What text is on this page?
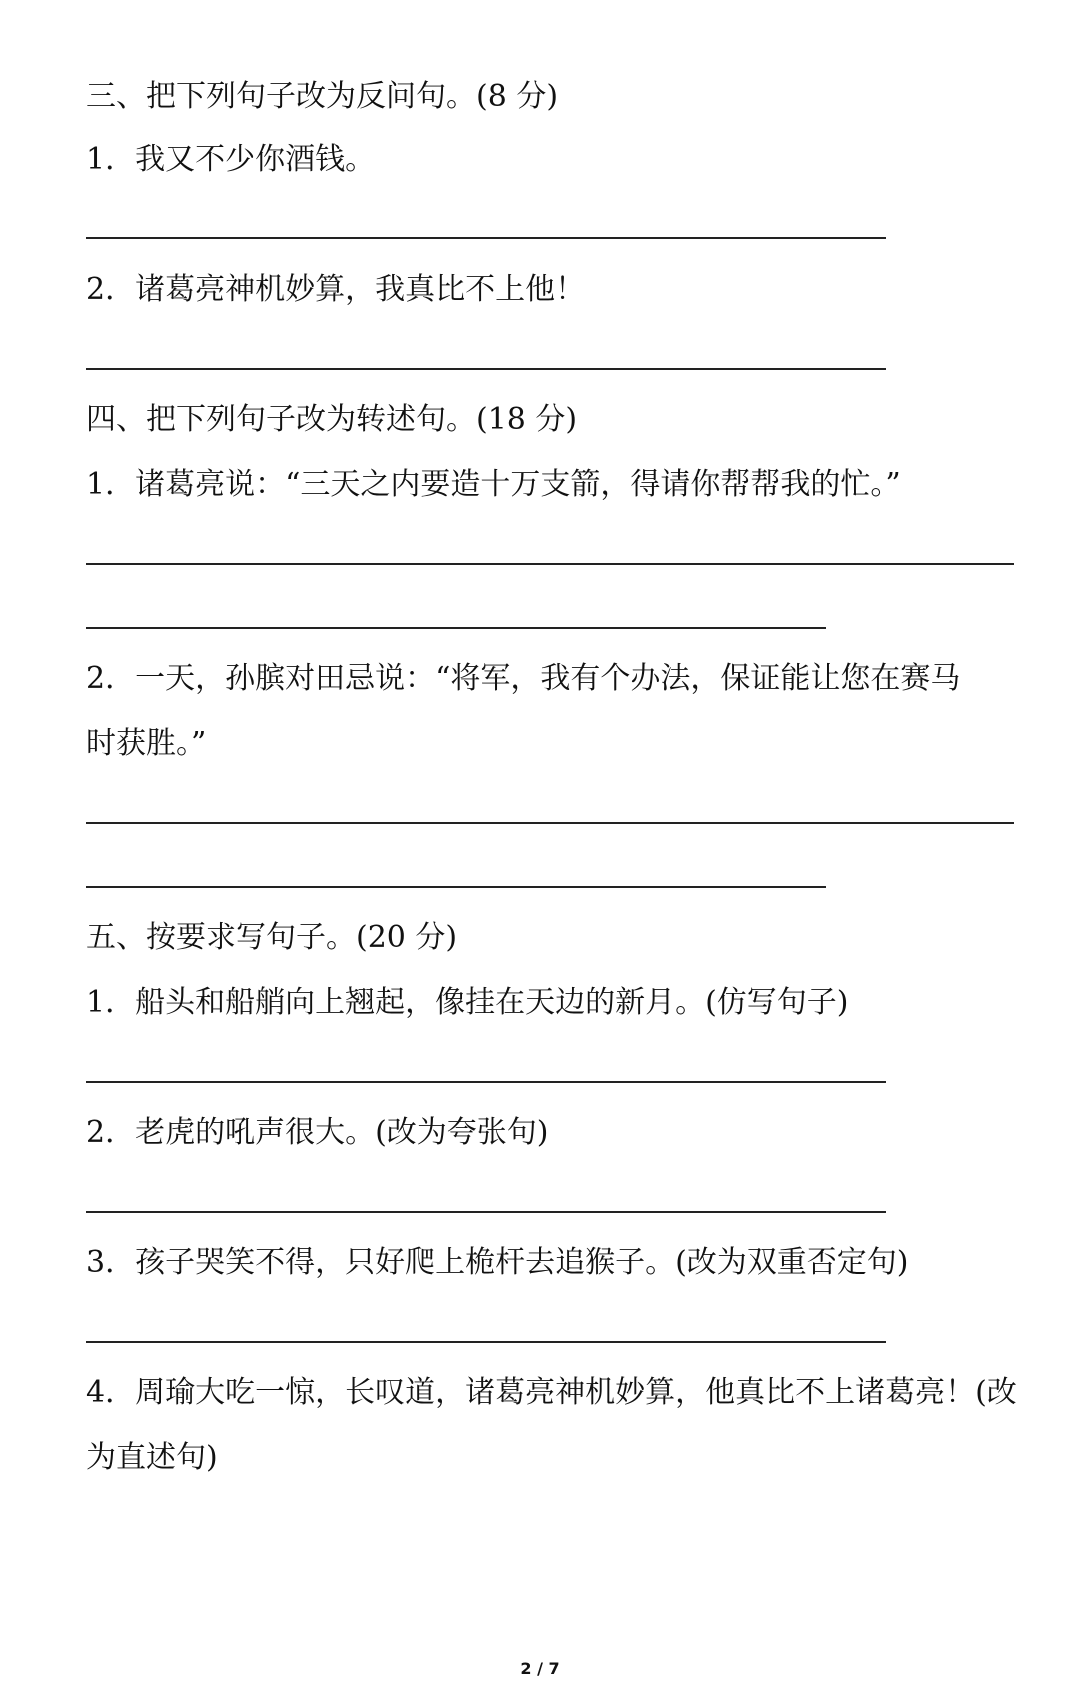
三、把下列句子改为反问句。(8 分)
1．我又不少你酒钱。
2．诸葛亮神机妙算，我真比不上他！
四、把下列句子改为转述句。(18 分)
1．诸葛亮说：“三天之内要造十万支箭，得请你帮帮我的忙。”
2．一天，孙膑对田忌说：“将军，我有个办法，保证能让您在赛马
时获胜。”
五、按要求写句子。(20 分)
1．船头和船艄向上翘起，像挂在天边的新月。(仿写句子)
2．老虎的吼声很大。(改为夸张句)
3．孩子哭笑不得，只好爬上桅杆去追猴子。(改为双重否定句)
4．周瑜大吃一惊，长叹道，诸葛亮神机妙算，他真比不上诸葛亮！(改
为直述句)
2 / 7
